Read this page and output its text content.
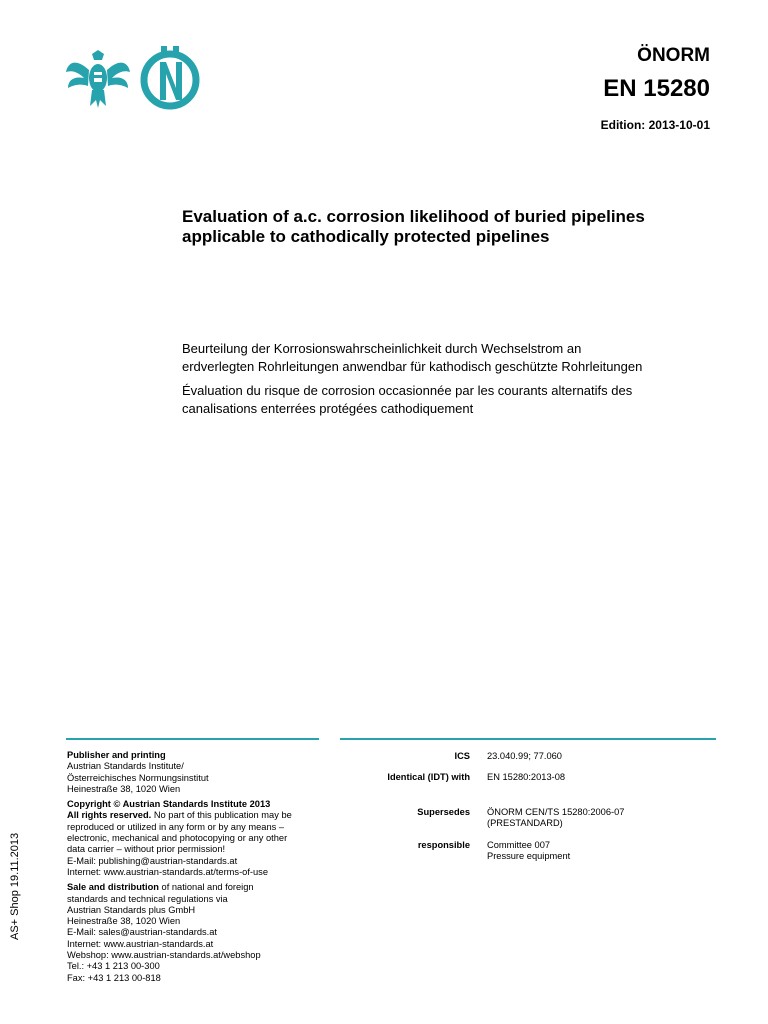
ÖNORM
EN 15280
Edition: 2013-10-01
Evaluation of a.c. corrosion likelihood of buried pipelines applicable to cathodically protected pipelines
Beurteilung der Korrosionswahrscheinlichkeit durch Wechselstrom an
erdverlegten Rohrleitungen anwendbar für kathodisch geschützte Rohrleitungen
Évaluation du risque de corrosion occasionnée par les courants alternatifs des
canalisations enterrées protégées cathodiquement

Publisher and printing
Austrian Standards Institute/
Österreichisches Normungsinstitut
Heinestraße 38, 1020 Wien

Copyright © Austrian Standards Institute 2013
All rights reserved. No part of this publication may be
reproduced or utilized in any form or by any means –
electronic, mechanical and photocopying or any other
data carrier – without prior permission!
E-Mail: publishing@austrian-standards.at
Internet: www.austrian-standards.at/terms-of-use

Sale and distribution of national and foreign
standards and technical regulations via
Austrian Standards plus GmbH
Heinestraße 38, 1020 Wien
E-Mail: sales@austrian-standards.at
Internet: www.austrian-standards.at
Webshop: www.austrian-standards.at/webshop
Tel.: +43 1 213 00-300
Fax: +43 1 213 00-818

ICS 23.040.99; 77.060
Identical (IDT) with EN 15280:2013-08
Supersedes ÖNORM CEN/TS 15280:2006-07
(PRESTANDARD)
responsible Committee 007
Pressure equipment
AS+ Shop 19.11.2013
